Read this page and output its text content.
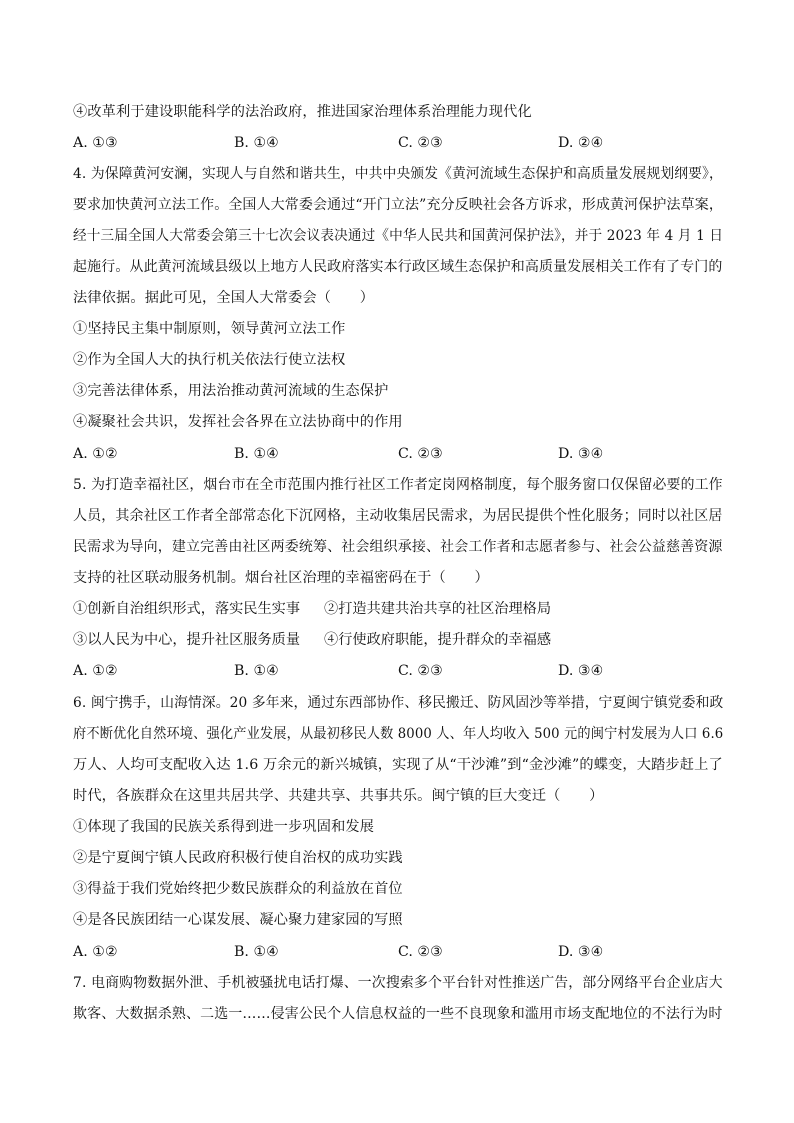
④改革利于建设职能科学的法治政府，推进国家治理体系治理能力现代化
A. ①③	B. ①④	C. ②③	D. ②④
4. 为保障黄河安澜，实现人与自然和谐共生，中共中央颁发《黄河流域生态保护和高质量发展规划纲要》，
要求加快黄河立法工作。全国人大常委会通过“开门立法”充分反映社会各方诉求，形成黄河保护法草案，
经十三届全国人大常委会第三十七次会议表决通过《中华人民共和国黄河保护法》，并于 2023 年 4 月 1 日
起施行。从此黄河流域县级以上地方人民政府落实本行政区域生态保护和高质量发展相关工作有了专门的
法律依据。据此可见，全国人大常委会（　　）
①坚持民主集中制原则，领导黄河立法工作
②作为全国人大的执行机关依法行使立法权
③完善法律体系，用法治推动黄河流域的生态保护
④凝聚社会共识，发挥社会各界在立法协商中的作用
A. ①②	B. ①④	C. ②③	D. ③④
5. 为打造幸福社区，烟台市在全市范围内推行社区工作者定岗网格制度，每个服务窗口仅保留必要的工作
人员，其余社区工作者全部常态化下沉网格，主动收集居民需求，为居民提供个性化服务；同时以社区居
民需求为导向，建立完善由社区两委统筹、社会组织承接、社会工作者和志愿者参与、社会公益慈善资源
支持的社区联动服务机制。烟台社区治理的幸福密码在于（　　）
①创新自治组织形式，落实民生实事 ②打造共建共治共享的社区治理格局
③以人民为中心，提升社区服务质量 ④行使政府职能，提升群众的幸福感
A. ①②	B. ①④	C. ②③	D. ③④
6. 闽宁携手，山海情深。20 多年来，通过东西部协作、移民搬迁、防风固沙等举措，宁夏闽宁镇党委和政
府不断优化自然环境、强化产业发展，从最初移民人数 8000 人、年人均收入 500 元的闽宁村发展为人口 6.6
万人、人均可支配收入达 1.6 万余元的新兴城镇，实现了从“干沙滩”到“金沙滩”的蝶变，大踏步赶上了
时代，各族群众在这里共居共学、共建共享、共事共乐。闽宁镇的巨大变迁（　　）
①体现了我国的民族关系得到进一步巩固和发展
②是宁夏闽宁镇人民政府积极行使自治权的成功实践
③得益于我们党始终把少数民族群众的利益放在首位
④是各民族团结一心谋发展、凝心聚力建家园的写照
A. ①②	B. ①④	C. ②③	D. ③④
7. 电商购物数据外泄、手机被骚扰电话打爆、一次搜索多个平台针对性推送广告，部分网络平台企业店大
欺客、大数据杀熟、二选一……侵害公民个人信息权益的一些不良现象和滥用市场支配地位的不法行为时
